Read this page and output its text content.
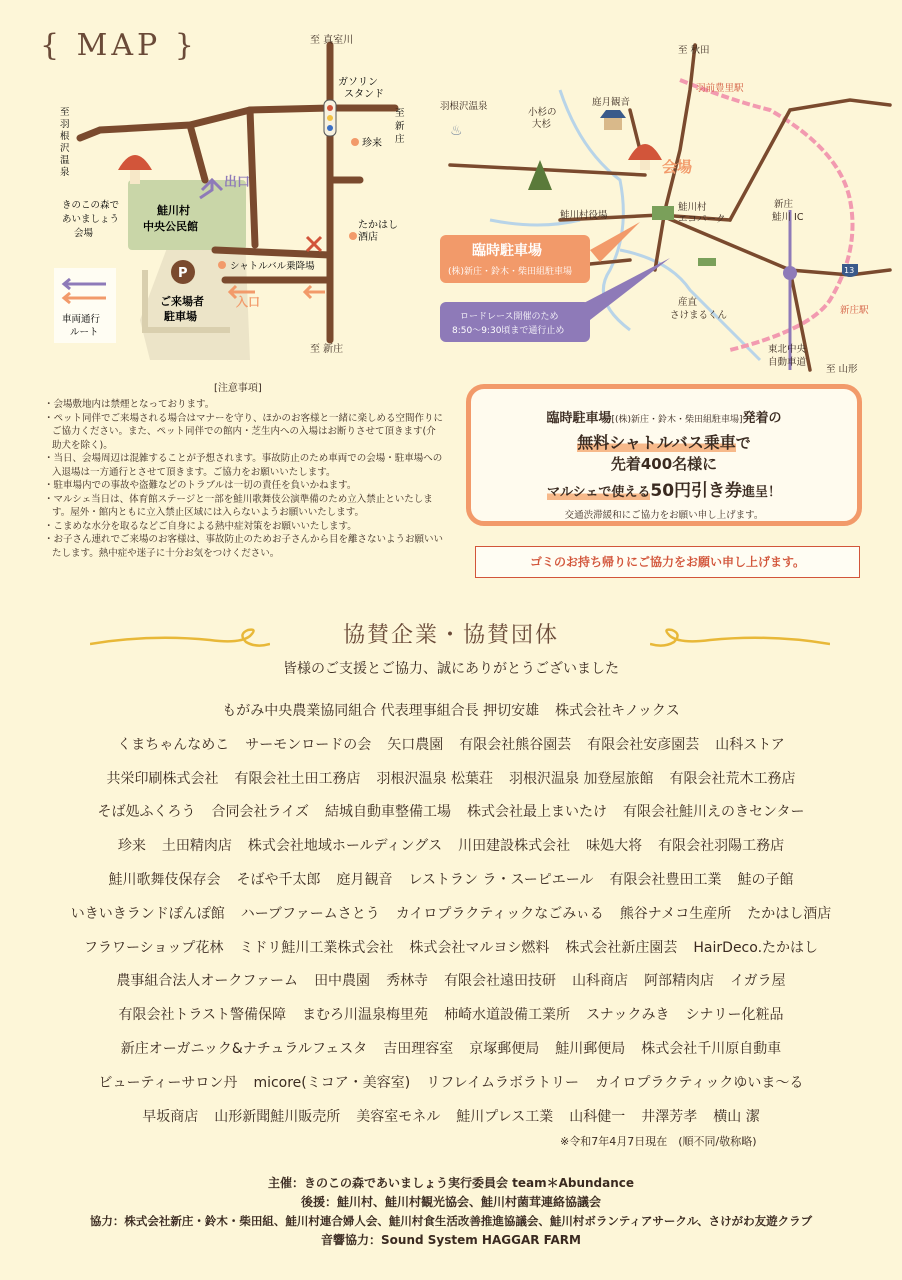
{ MAP }	至 真室川
至 新庄
ガソリン
スタンド
珍来
たかはし
酒店
出口
入口
鮭川村
中央公民館
きのこの森で
あいましょう
会場
シャトルバル乗降場
P
ご来場者
駐車場
車両通行
ルート
至
羽
根
沢
温
泉
至
新
庄
♨
至 秋田
羽前豊里駅
羽根沢温泉
小杉の
大杉
庭月観音
鮭川村役場
鮭川村
エコパーク
新庄
鮭川 IC
産直
さけまるくん	新庄駅
東北中央
自動車道
至 山形
会場
13
臨時駐車場
(株)新庄・鈴木・柴田組駐車場
ロードレース開催のため
8:50〜9:30頃まで通行止め
[注意事項]
・会場敷地内は禁煙となっております。
・ペット同伴でご来場される場合はマナーを守り、ほかのお客様と一緒に楽しめる空間作りにご協力ください。また、ペット同伴での館内・芝生内への入場はお断りさせて頂きます(介助犬を除く)。
・当日、会場周辺は混雑することが予想されます。事故防止のため車両での会場・駐車場への入退場は一方通行とさせて頂きます。ご協力をお願いいたします。
・駐車場内での事故や盗難などのトラブルは一切の責任を負いかねます。
・マルシェ当日は、体育館ステージと一部を鮭川歌舞伎公演準備のため立入禁止といたします。屋外・館内ともに立入禁止区域には入らないようお願いいたします。
・こまめな水分を取るなどご自身による熱中症対策をお願いいたします。
・お子さん連れでご来場のお客様は、事故防止のためお子さんから目を離さないようお願いいたします。熱中症や迷子に十分お気をつけください。
臨時駐車場[(株)新庄・鈴木・柴田組駐車場]発着の
無料シャトルバス乗車で
先着400名様に
マルシェで使える50円引き券進呈！
交通渋滞緩和にご協力をお願い申し上げます。
ゴミのお持ち帰りにご協力をお願い申し上げます。
協賛企業・協賛団体
皆様のご支援とご協力、誠にありがとうございました
もがみ中央農業協同組合 代表理事組合長 押切安雄 株式会社キノックス
くまちゃんなめこ サーモンロードの会 矢口農園 有限会社熊谷園芸 有限会社安彦園芸 山科ストア
共栄印刷株式会社 有限会社土田工務店 羽根沢温泉 松葉荘 羽根沢温泉 加登屋旅館 有限会社荒木工務店
そば処ふくろう 合同会社ライズ 結城自動車整備工場 株式会社最上まいたけ 有限会社鮭川えのきセンター
珍来 土田精肉店 株式会社地域ホールディングス 川田建設株式会社 味処大将 有限会社羽陽工務店
鮭川歌舞伎保存会 そばや千太郎 庭月観音 レストラン ラ・スーピエール 有限会社豊田工業 鮭の子館
いきいきランドぽんぽ館 ハーブファームさとう カイロプラクティックなごみぃる 熊谷ナメコ生産所 たかはし酒店
フラワーショップ花林 ミドリ鮭川工業株式会社 株式会社マルヨシ燃料 株式会社新庄園芸 HairDeco.たかはし
農事組合法人オークファーム 田中農園 秀林寺 有限会社遠田技研 山科商店 阿部精肉店 イガラ屋
有限会社トラスト警備保障 まむろ川温泉梅里苑 柿崎水道設備工業所 スナックみき シナリー化粧品
新庄オーガニック&ナチュラルフェスタ 吉田理容室 京塚郵便局 鮭川郵便局 株式会社千川原自動車
ビューティーサロン丹 micore(ミコア・美容室) リフレイムラボラトリー カイロプラクティックゆいま〜る
早坂商店 山形新聞鮭川販売所 美容室モネル 鮭川プレス工業 山科健一 井澤芳孝 横山 潔
※令和7年4月7日現在　(順不同/敬称略)
主催：きのこの森であいましょう実行委員会 team＊Abundance
後援：鮭川村、鮭川村観光協会、鮭川村菌茸連絡協議会
協力：株式会社新庄・鈴木・柴田組、鮭川村連合婦人会、鮭川村食生活改善推進協議会、鮭川村ボランティアサークル、さけがわ友遊クラブ
音響協力：Sound System HAGGAR FARM
